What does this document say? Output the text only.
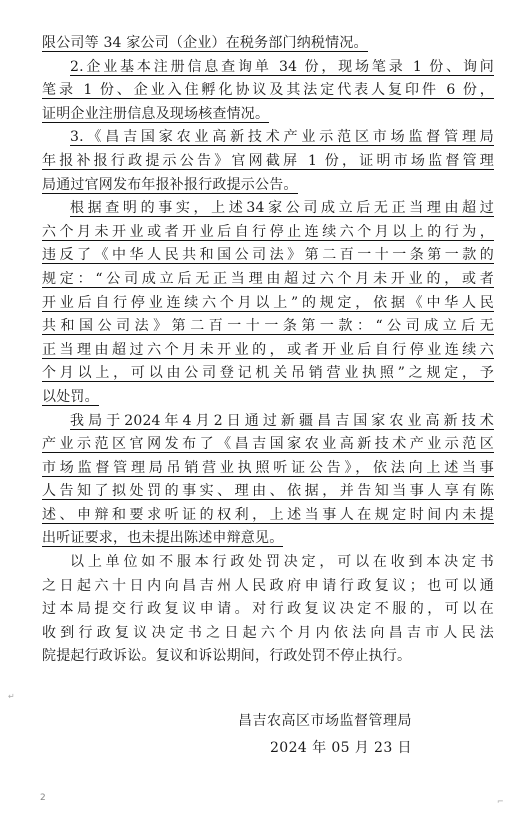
限公司等 34 家公司（企业）在税务部门纳税情况。
2.企业基本注册信息查询单 34 份，现场笔录 1 份、询问
笔录 1 份、企业入住孵化协议及其法定代表人复印件 6 份，
证明企业注册信息及现场核查情况。
3.《昌吉国家农业高新技术产业示范区市场监督管理局
年报补报行政提示公告》官网截屏 1 份，证明市场监督管理
局通过官网发布年报补报行政提示公告。
根据查明的事实，上述34家公司成立后无正当理由超过
六个月未开业或者开业后自行停止连续六个月以上的行为，
违反了《中华人民共和国公司法》第二百一十一条第一款的
规定：“公司成立后无正当理由超过六个月未开业的，或者
开业后自行停业连续六个月以上”的规定，依据《中华人民
共和国公司法》第二百一十一条第一款：“公司成立后无
正当理由超过六个月未开业的，或者开业后自行停业连续六
个月以上，可以由公司登记机关吊销营业执照”之规定，予
以处罚。
我局于2024年4月2日通过新疆昌吉国家农业高新技术
产业示范区官网发布了《昌吉国家农业高新技术产业示范区
市场监督管理局吊销营业执照听证公告》，依法向上述当事
人告知了拟处罚的事实、理由、依据，并告知当事人享有陈
述、申辩和要求听证的权利，上述当事人在规定时间内未提
出听证要求，也未提出陈述申辩意见。
以上单位如不服本行政处罚决定，可以在收到本决定书
之日起六十日内向昌吉州人民政府申请行政复议；也可以通
过本局提交行政复议申请。对行政复议决定不服的，可以在
收到行政复议决定书之日起六个月内依法向昌吉市人民法
院提起行政诉讼。复议和诉讼期间，行政处罚不停止执行。
昌吉农高区市场监督管理局
2024 年 05 月 23 日
2
↵
⌐
